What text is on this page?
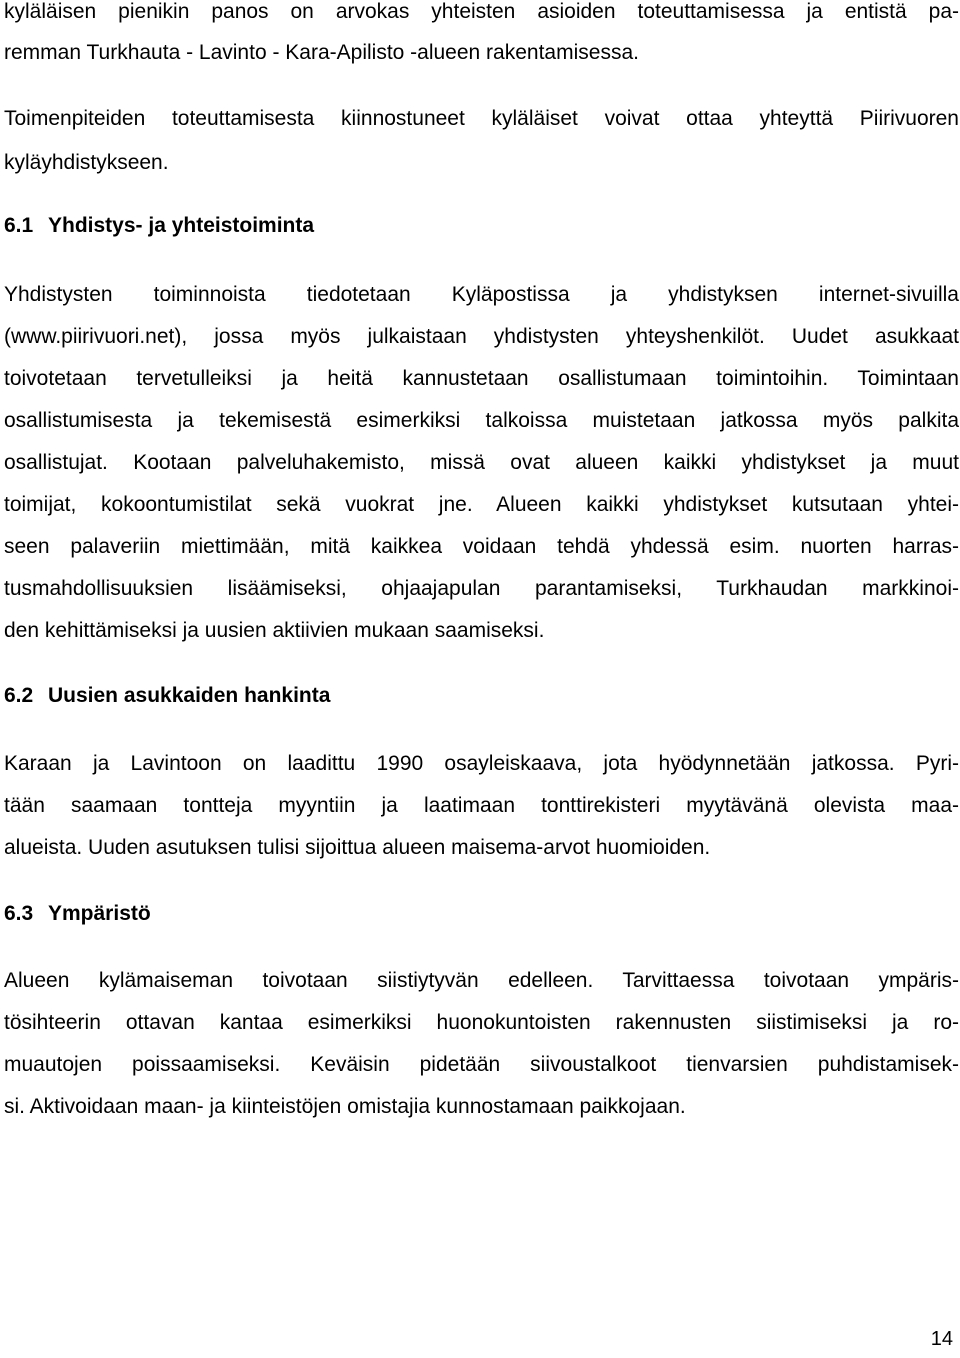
kyläläisen pienikin panos on arvokas yhteisten asioiden toteuttamisessa ja entistä pa-
remman Turkhauta - Lavinto - Kara-Apilisto -alueen rakentamisessa.
Toimenpiteiden toteuttamisesta kiinnostuneet kyläläiset voivat ottaa yhteyttä Piirivuoren
kyläyhdistykseen.
6.1 Yhdistys- ja yhteistoiminta
Yhdistysten toiminnoista tiedotetaan Kyläpostissa ja yhdistyksen internet-sivuilla
(www.piirivuori.net), jossa myös julkaistaan yhdistysten yhteyshenkilöt. Uudet asukkaat
toivotetaan tervetulleiksi ja heitä kannustetaan osallistumaan toimintoihin. Toimintaan
osallistumisesta ja tekemisestä esimerkiksi talkoissa muistetaan jatkossa myös palkita
osallistujat. Kootaan palveluhakemisto, missä ovat alueen kaikki yhdistykset ja muut
toimijat, kokoontumistilat sekä vuokrat jne. Alueen kaikki yhdistykset kutsutaan yhtei-
seen palaveriin miettimään, mitä kaikkea voidaan tehdä yhdessä esim. nuorten harras-
tusmahdollisuuksien lisäämiseksi, ohjaajapulan parantamiseksi, Turkhaudan markkinoi-
den kehittämiseksi ja uusien aktiivien mukaan saamiseksi.
6.2 Uusien asukkaiden hankinta
Karaan ja Lavintoon on laadittu 1990 osayleiskaava, jota hyödynnetään jatkossa. Pyri-
tään saamaan tontteja myyntiin ja laatimaan tonttirekisteri myytävänä olevista maa-
alueista. Uuden asutuksen tulisi sijoittua alueen maisema-arvot huomioiden.
6.3 Ympäristö
Alueen kylämaiseman toivotaan siistiytyvän edelleen. Tarvittaessa toivotaan ympäris-
tösihteerin ottavan kantaa esimerkiksi huonokuntoisten rakennusten siistimiseksi ja ro-
muautojen poissaamiseksi. Keväisin pidetään siivoustalkoot tienvarsien puhdistamisek-
si. Aktivoidaan maan- ja kiinteistöjen omistajia kunnostamaan paikkojaan.
14
